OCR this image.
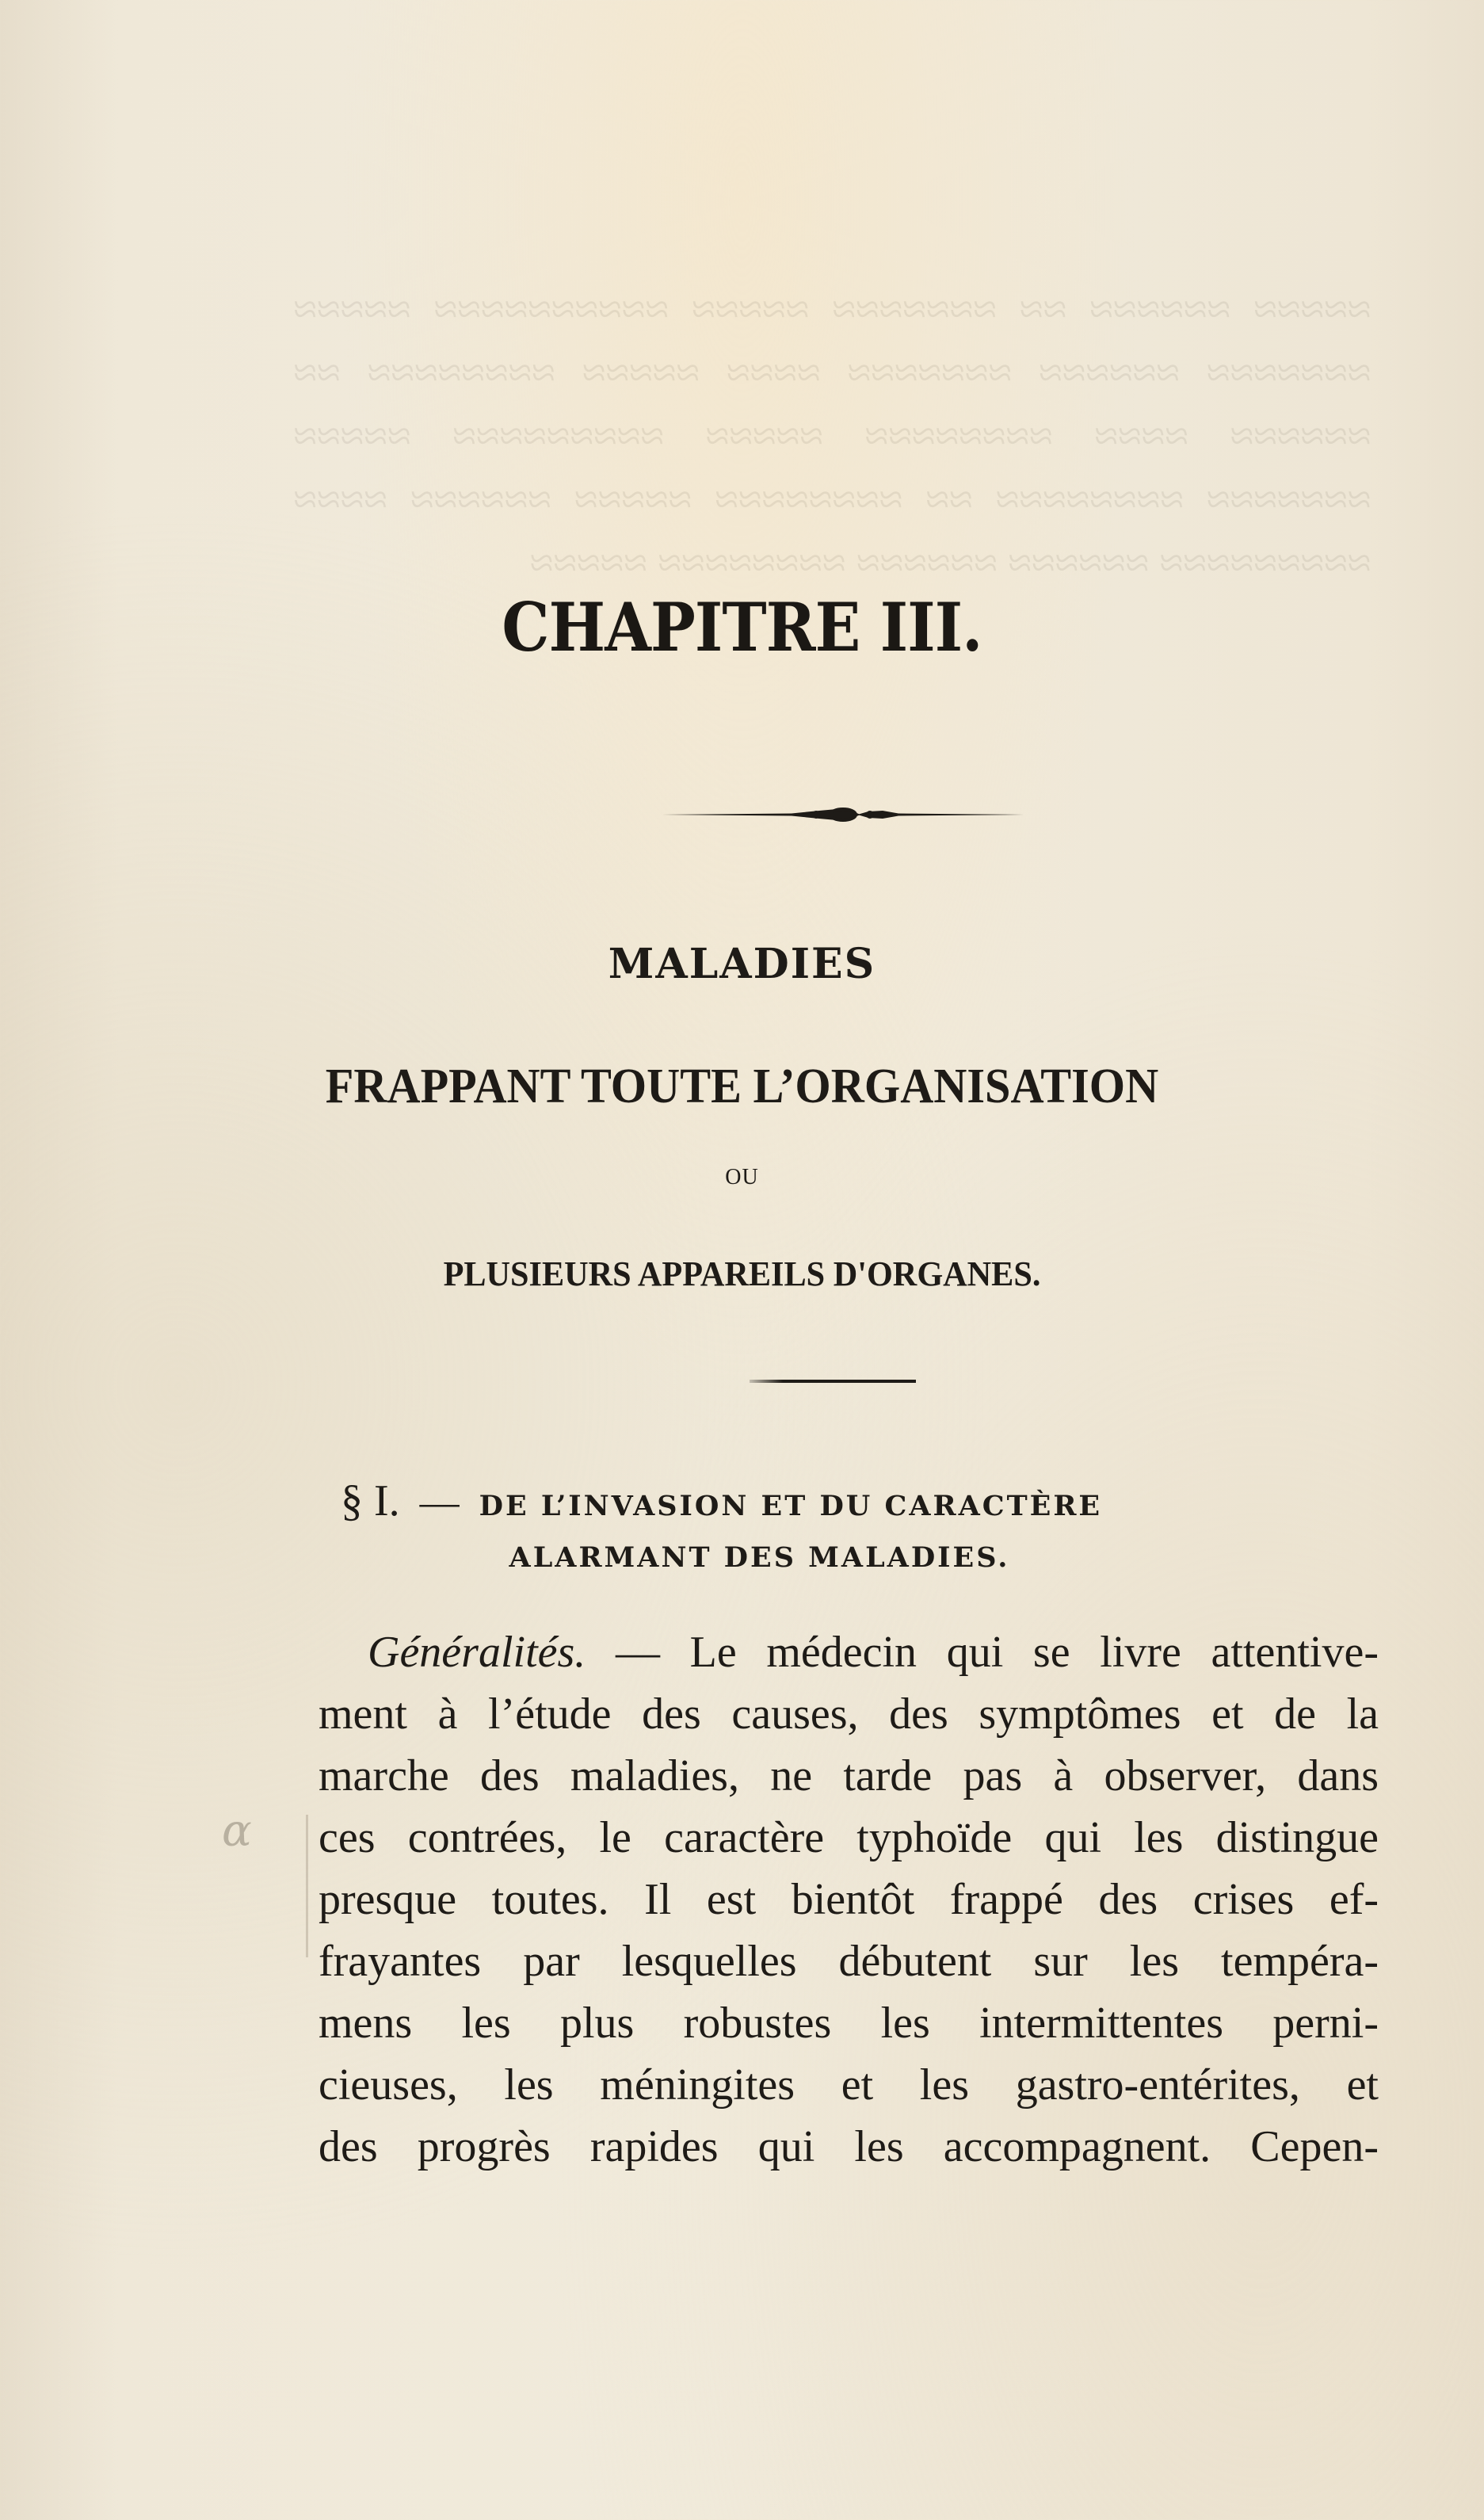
≈≈≈≈≈ ≈≈≈≈≈≈ ≈≈ ≈≈≈≈≈≈≈ ≈≈≈≈≈ ≈≈≈≈≈≈≈≈≈≈ ≈≈≈≈≈ ≈≈≈≈≈≈≈ ≈≈≈≈≈≈ ≈≈≈≈≈≈≈ ≈≈≈≈ ≈≈≈≈≈ ≈≈≈≈≈≈≈≈ ≈≈ ≈≈≈≈≈≈ ≈≈≈≈ ≈≈≈≈≈≈≈≈ ≈≈≈≈≈ ≈≈≈≈≈≈≈≈≈ ≈≈≈≈≈ ≈≈≈≈≈≈≈ ≈≈≈≈≈≈≈≈ ≈≈ ≈≈≈≈≈≈≈≈ ≈≈≈≈≈ ≈≈≈≈≈≈ ≈≈≈≈ ≈≈≈≈≈≈≈≈≈ ≈≈≈≈≈≈ ≈≈≈≈≈≈ ≈≈≈≈≈≈≈≈ ≈≈≈≈≈
CHAPITRE III.
MALADIES
FRAPPANT TOUTE L’ORGANISATION

OU

PLUSIEURS APPAREILS D'ORGANES.

§ I. — DE L’INVASION ET DU CARACTÈRE

ALARMANT DES MALADIES.

α
Généralités. — Le médecin qui se livre attentive-
ment à l’étude des causes, des symptômes et de la
marche des maladies, ne tarde pas à observer, dans
ces contrées, le caractère typhoïde qui les distingue
presque toutes. Il est bientôt frappé des crises ef-
frayantes par lesquelles débutent sur les tempéra-
mens les plus robustes les intermittentes perni-
cieuses, les méningites et les gastro-entérites, et
des progrès rapides qui les accompagnent. Cepen-
